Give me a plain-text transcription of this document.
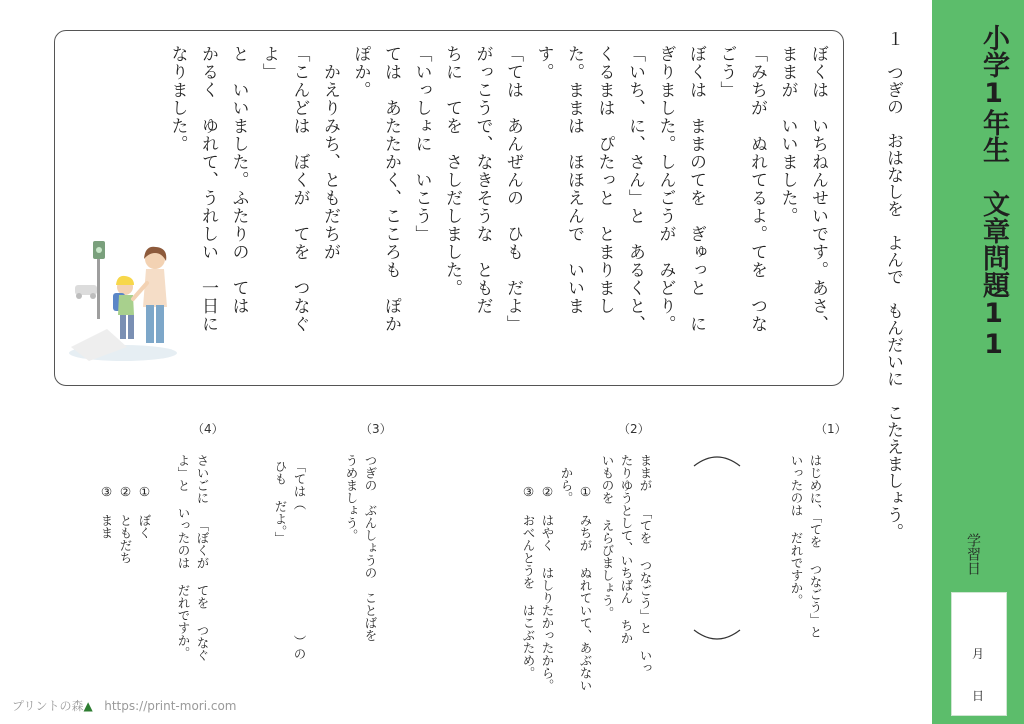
小学1年生　文章問題11
学習日
月
日
１　つぎの　おはなしを　よんで　もんだいに　こたえましょう。
ぼくは　いちねんせいです。あさ、
ままが　いいました。
「みちが　ぬれてるよ。てを　つな
ごう」
ぼくは　ままのてを　ぎゅっと　に
ぎりました。しんごうが　みどり。
「いち、に、さん」と　あるくと、
くるまは　ぴたっと　とまりまし
た。ままは　ほほえんで　いいま
す。
「ては　あんぜんの　ひも　だよ」
がっこうで、なきそうな　ともだ
ちに　てを　さしだしました。
「いっしょに　いこう」
ては　あたたかく、こころも　ぽか
ぽか。
　かえりみち、ともだちが
「こんどは　ぼくが　てを　つなぐ
よ」
と　いいました。ふたりの　ては
かるく　ゆれて、うれしい　一日に
なりました。
（1）
（2）
（3）
（4）
はじめに、「てを つなごう」と
いったのは だれですか。
ままが 「てを つなごう」と いっ
たりゆうとして、いちばん ちか
いものを えらびましょう。

① みちが ぬれていて、あぶない
　から。
② はやく はしりたかったから。
③ おべんとうを はこぶため。

つぎの　ぶんしょうの　ことばを
うめましょう。
「ては（　　　　　　　　　　）の
ひも だよ。」
さいごに 「ぼくが てを つなぐ
よ」と いったのは だれですか。

① ぼく
② ともだち
③ まま

プリントの森▲ https://print-mori.com
